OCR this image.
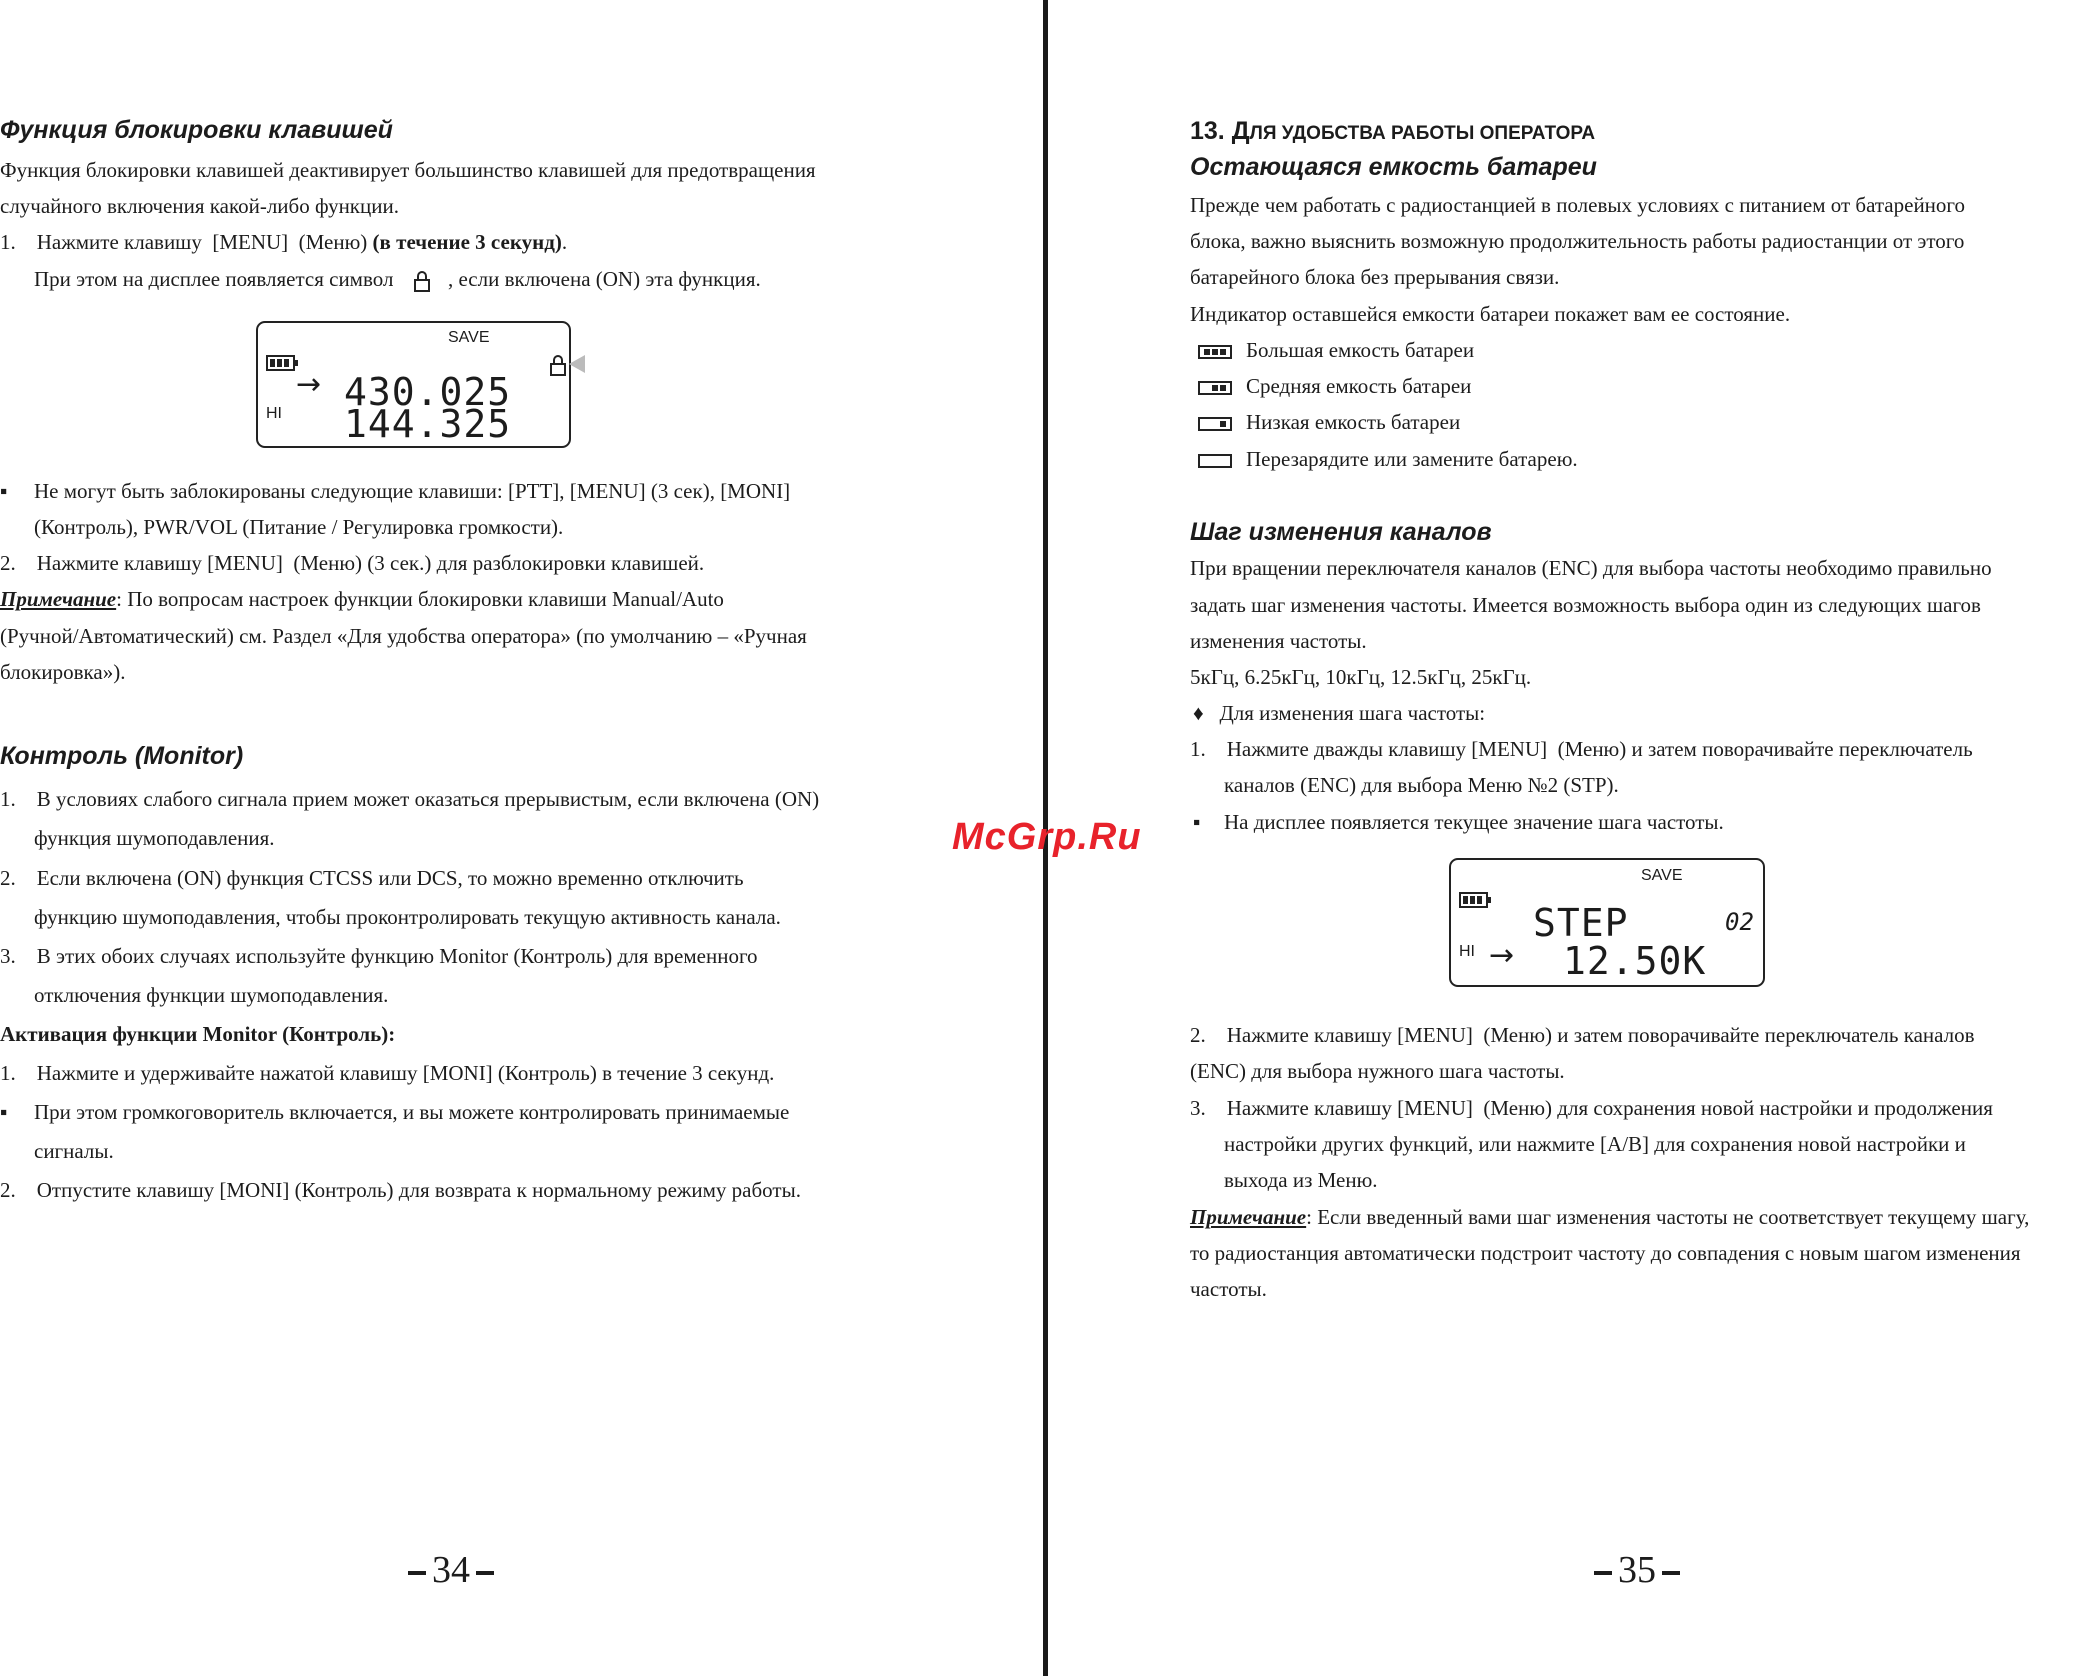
Функция блокировки клавишей
Функция блокировки клавишей деактивирует большинство клавишей для предотвращения
случайного включения какой-либо функции.
1.    Нажмите клавишу  [MENU]  (Меню) (в течение 3 секунд).
При этом на дисплее появляется символ	, если включена (ON) эта функция.
SAVE
HI
→ 430.025
144.325
▪ Не могут быть заблокированы следующие клавиши: [PTT], [MENU] (3 сек), [MONI]
(Контроль), PWR/VOL (Питание / Регулировка громкости).
2.    Нажмите клавишу [MENU]  (Меню) (3 сек.) для разблокировки клавишей.
Примечание: По вопросам настроек функции блокировки клавиши Manual/Auto
(Ручной/Автоматический) см. Раздел «Для удобства оператора» (по умолчанию – «Ручная
блокировка»).
Контроль (Monitor)
1.    В условиях слабого сигнала прием может оказаться прерывистым, если включена (ON)
функция шумоподавления.
2.    Если включена (ON) функция CTCSS или DCS, то можно временно отключить
функцию шумоподавления, чтобы проконтролировать текущую активность канала.
3.    В этих обоих случаях используйте функцию Monitor (Контроль) для временного
отключения функции шумоподавления.
Активация функции Monitor (Контроль):
1.    Нажмите и удерживайте нажатой клавишу [MONI] (Контроль) в течение 3 секунд.
▪ При этом громкоговоритель включается, и вы можете контролировать принимаемые
сигналы.
2.    Отпустите клавишу [MONI] (Контроль) для возврата к нормальному режиму работы.
34
13. ДЛЯ УДОБСТВА РАБОТЫ ОПЕРАТОРА
Остающаяся емкость батареи
Прежде чем работать с радиостанцией в полевых условиях с питанием от батарейного
блока, важно выяснить возможную продолжительность работы радиостанции от этого
батарейного блока без прерывания связи.
Индикатор оставшейся емкости батареи покажет вам ее состояние.
Большая емкость батареи
Средняя емкость батареи
Низкая емкость батареи
Перезарядите или замените батарею.
Шаг изменения каналов
При вращении переключателя каналов (ENC) для выбора частоты необходимо правильно
задать шаг изменения частоты. Имеется возможность выбора один из следующих шагов
изменения частоты.
5кГц, 6.25кГц, 10кГц, 12.5кГц, 25кГц.
♦   Для изменения шага частоты:
1.    Нажмите дважды клавишу [MENU]  (Меню) и затем поворачивайте переключатель
каналов (ENC) для выбора Меню №2 (STP).
▪ На дисплее появляется текущее значение шага частоты.
SAVE
STEP	02
HI → 12.50K
2.    Нажмите клавишу [MENU]  (Меню) и затем поворачивайте переключатель каналов
(ENC) для выбора нужного шага частоты.
3.    Нажмите клавишу [MENU]  (Меню) для сохранения новой настройки и продолжения
настройки других функций, или нажмите [A/B] для сохранения новой настройки и
выхода из Меню.
Примечание: Если введенный вами шаг изменения частоты не соответствует текущему шагу,
то радиостанция автоматически подстроит частоту до совпадения с новым шагом изменения
частоты.
35
McGrp.Ru
